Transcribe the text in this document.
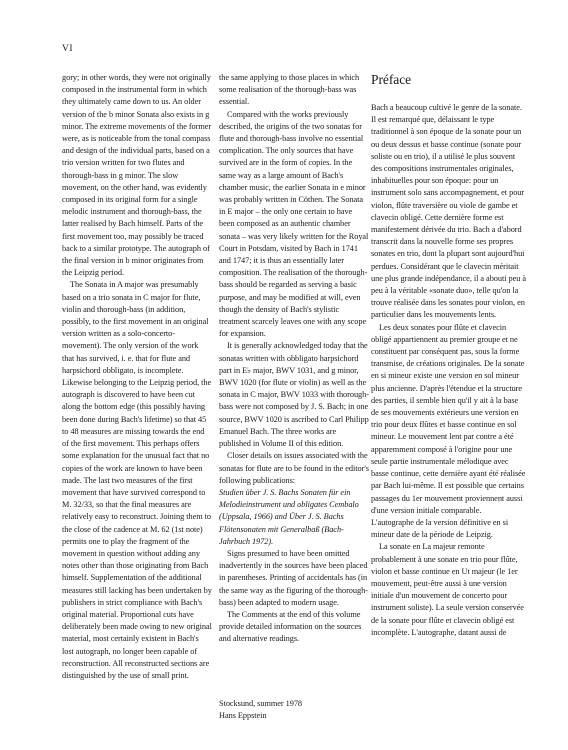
VI

gory; in other words, they were not originally composed in the instrumental form in which they ultimately came down to us. An older version of the b minor Sonata also exists in g minor. The extreme movements of the former were, as is noticeable from the tonal compass and design of the individual parts, based on a trio version written for two flutes and thorough-bass in g minor. The slow movement, on the other hand, was evidently composed in its original form for a single melodic instrument and thorough-bass, the latter realised by Bach himself. Parts of the first movement too, may possibly be traced back to a similar prototype. The autograph of the final version in b minor originates from the Leipzig period.

The Sonata in A major was presumably based on a trio sonata in C major for flute, violin and thorough-bass (in addition, possibly, to the first movement in an original version written as a solo-concerto-movement). The only version of the work that has survived, i. e. that for flute and harpsichord obbligato, is incomplete. Likewise belonging to the Leipzig period, the autograph is discovered to have been cut along the bottom edge (this possibly having been done during Bach's lifetime) so that 45 to 48 measures are missing towards the end of the first movement. This perhaps offers some explanation for the unusual fact that no copies of the work are known to have been made. The last two measures of the first movement that have survived correspond to M. 32/33, so that the final measures are relatively easy to reconstruct. Joining them to the close of the cadence at M. 62 (1st note) permits one to play the fragment of the movement in question without adding any notes other than those originating from Bach himself. Supplementation of the additional measures still lacking has been undertaken by publishers in strict compliance with Bach's original material. Proportional cuts have deliberately been made owing to new original material, most certainly existent in Bach's lost autograph, no longer been capable of reconstruction. All reconstructed sections are distinguished by the use of small print.

the same applying to those places in which some realisation of the thorough-bass was essential.

Compared with the works previously described, the origins of the two sonatas for flute and thorough-bass involve no essential complication. The only sources that have survived are in the form of copies. In the same way as a large amount of Bach's chamber music, the earlier Sonata in e minor was probably written in Cöthen. The Sonata in E major – the only one certain to have been composed as an authentic chamber sonata – was very likely written for the Royal Court in Potsdam, visited by Bach in 1741 and 1747; it is thus an essentially later composition. The realisation of the thorough-bass should be regarded as serving a basic purpose, and may be modified at will, even though the density of Bach's stylistic treatment scarcely leaves one with any scope for expansion.

It is generally acknowledged today that the sonatas written with obbligato harpsichord part in E♭ major, BWV 1031, and g minor, BWV 1020 (for flute or violin) as well as the sonata in C major, BWV 1033 with thorough-bass were not composed by J. S. Bach; in one source, BWV 1020 is ascribed to Carl Philipp Emanuel Bach. The three works are published in Volume II of this edition.

Closer details on issues associated with the sonatas for flute are to be found in the editor's following publications:

Studien über J. S. Bachs Sonaten für ein Melodieinstrument und obligates Cembalo (Uppsala, 1966) and Über J. S. Bachs Flötensonaten mit Generalbaß (Bach-Jahrbuch 1972).

Signs presumed to have been omitted inadvertently in the sources have been placed in parentheses. Printing of accidentals has (in the same way as the figuring of the thorough-bass) been adapted to modern usage.

The Comments at the end of this volume provide detailed information on the sources and alternative readings.

Stocksund, summer 1978
Hans Eppstein
Préface

Bach a beaucoup cultivé le genre de la sonate. Il est remarqué que, délaissant le type traditionnel à son époque de la sonate pour un ou deux dessus et basse continue (sonate pour soliste ou en trio), il a utilisé le plus souvent des compositions instrumentales originales, inhabituelles pour son époque: pour un instrument solo sans accompagnement, et pour violon, flûte traversière ou viole de gambe et clavecin obligé. Cette dernière forme est manifestement dérivée du trio. Bach a d'abord transcrit dans la nouvelle forme ses propres sonates en trio, dont la plupart sont aujourd'hui perdues. Considérant que le clavecin méritait une plus grande indépendance, il a abouti peu à peu à la véritable «sonate duo», telle qu'on la trouve réalisée dans les sonates pour violon, en particulier dans les mouvements lents.

Les deux sonates pour flûte et clavecin obligé appartiennent au premier groupe et ne constituent par conséquent pas, sous la forme transmise, de créations originales. De la sonate en si mineur existe une version en sol mineur plus ancienne. D'après l'étendue et la structure des parties, il semble bien qu'il y ait à la base de ses mouvements extérieurs une version en trio pour deux flûtes et basse continue en sol mineur. Le mouvement lent par contre a été apparemment composé à l'origine pour une seule partie instrumentale mélodique avec basse continue, cette dernière ayant été réalisée par Bach lui-même. Il est possible que certains passages du 1er mouvement proviennent aussi d'une version initiale comparable. L'autographe de la version définitive en si mineur date de la période de Leipzig.

La sonate en La majeur remonte probablement à une sonate en trio pour flûte, violon et basse continue en Ut majeur (le 1er mouvement, peut-être aussi à une version initiale d'un mouvement de concerto pour instrument soliste). La seule version conservée de la sonate pour flûte et clavecin obligé est incomplète. L'autographe, datant aussi de
